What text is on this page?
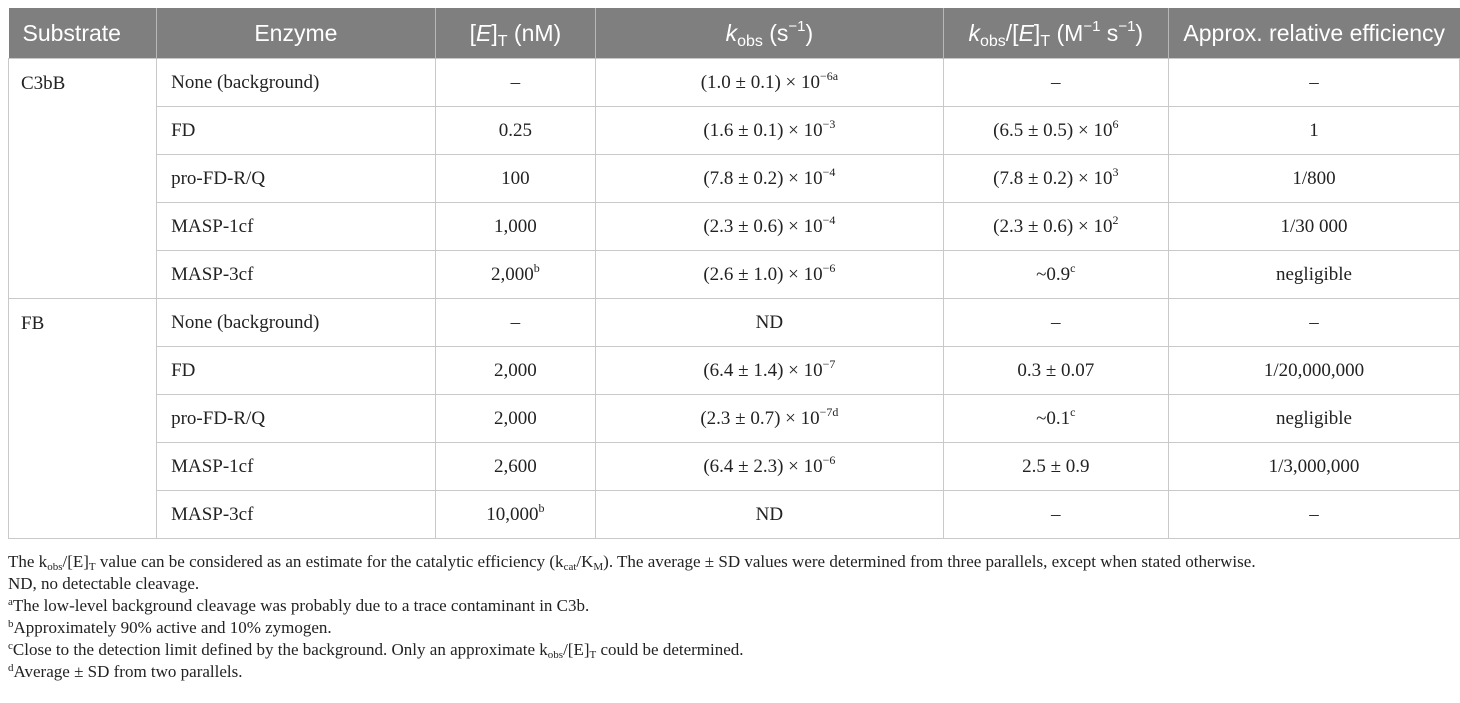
Substrate	Enzyme	$[E]_T$ (nM)	$k_{obs}$ $(s^{-1})$	$k_{obs}/[E]_T$ ($M^{-1}$ $s^{-1}$)	Approx. relative efficiency
C3bB	None (background)	–	$(1.0 \pm 0.1) \times 10^{-6a}$	–	–
	FD	0.25	$(1.6 \pm 0.1) \times 10^{-3}$	$(6.5 \pm 0.5) \times 10^6$	1
	pro-FD-R/Q	100	$(7.8 \pm 0.2) \times 10^{-4}$	$(7.8 \pm 0.2) \times 10^3$	1/800
	MASP-1cf	1,000	$(2.3 \pm 0.6) \times 10^{-4}$	$(2.3 \pm 0.6) \times 10^2$	1/30 000
	MASP-3cf	2,000$^b$	$(2.6 \pm 1.0) \times 10^{-6}$	~0.9$^c$	negligible
FB	None (background)	–	ND	–	–
	FD	2,000	$(6.4 \pm 1.4) \times 10^{-7}$	0.3 ± 0.07	1/20,000,000
	pro-FD-R/Q	2,000	$(2.3 \pm 0.7) \times 10^{-7d}$	~0.1$^c$	negligible
	MASP-1cf	2,600	$(6.4 \pm 2.3) \times 10^{-6}$	2.5 ± 0.9	1/3,000,000
	MASP-3cf	10,000$^b$	ND	–	–

The $k_{obs}/[E]_T$ value can be considered as an estimate for the catalytic efficiency $(k_{cat}/K_M)$. The average ± SD values were determined from three parallels, except when stated otherwise.

ND, no detectable cleavage.

$^a$The low-level background cleavage was probably due to a trace contaminant in C3b.

$^b$Approximately 90% active and 10% zymogen.

$^c$Close to the detection limit defined by the background. Only an approximate $k_{obs}/[E]_T$ could be determined.

$^d$Average ± SD from two parallels.
